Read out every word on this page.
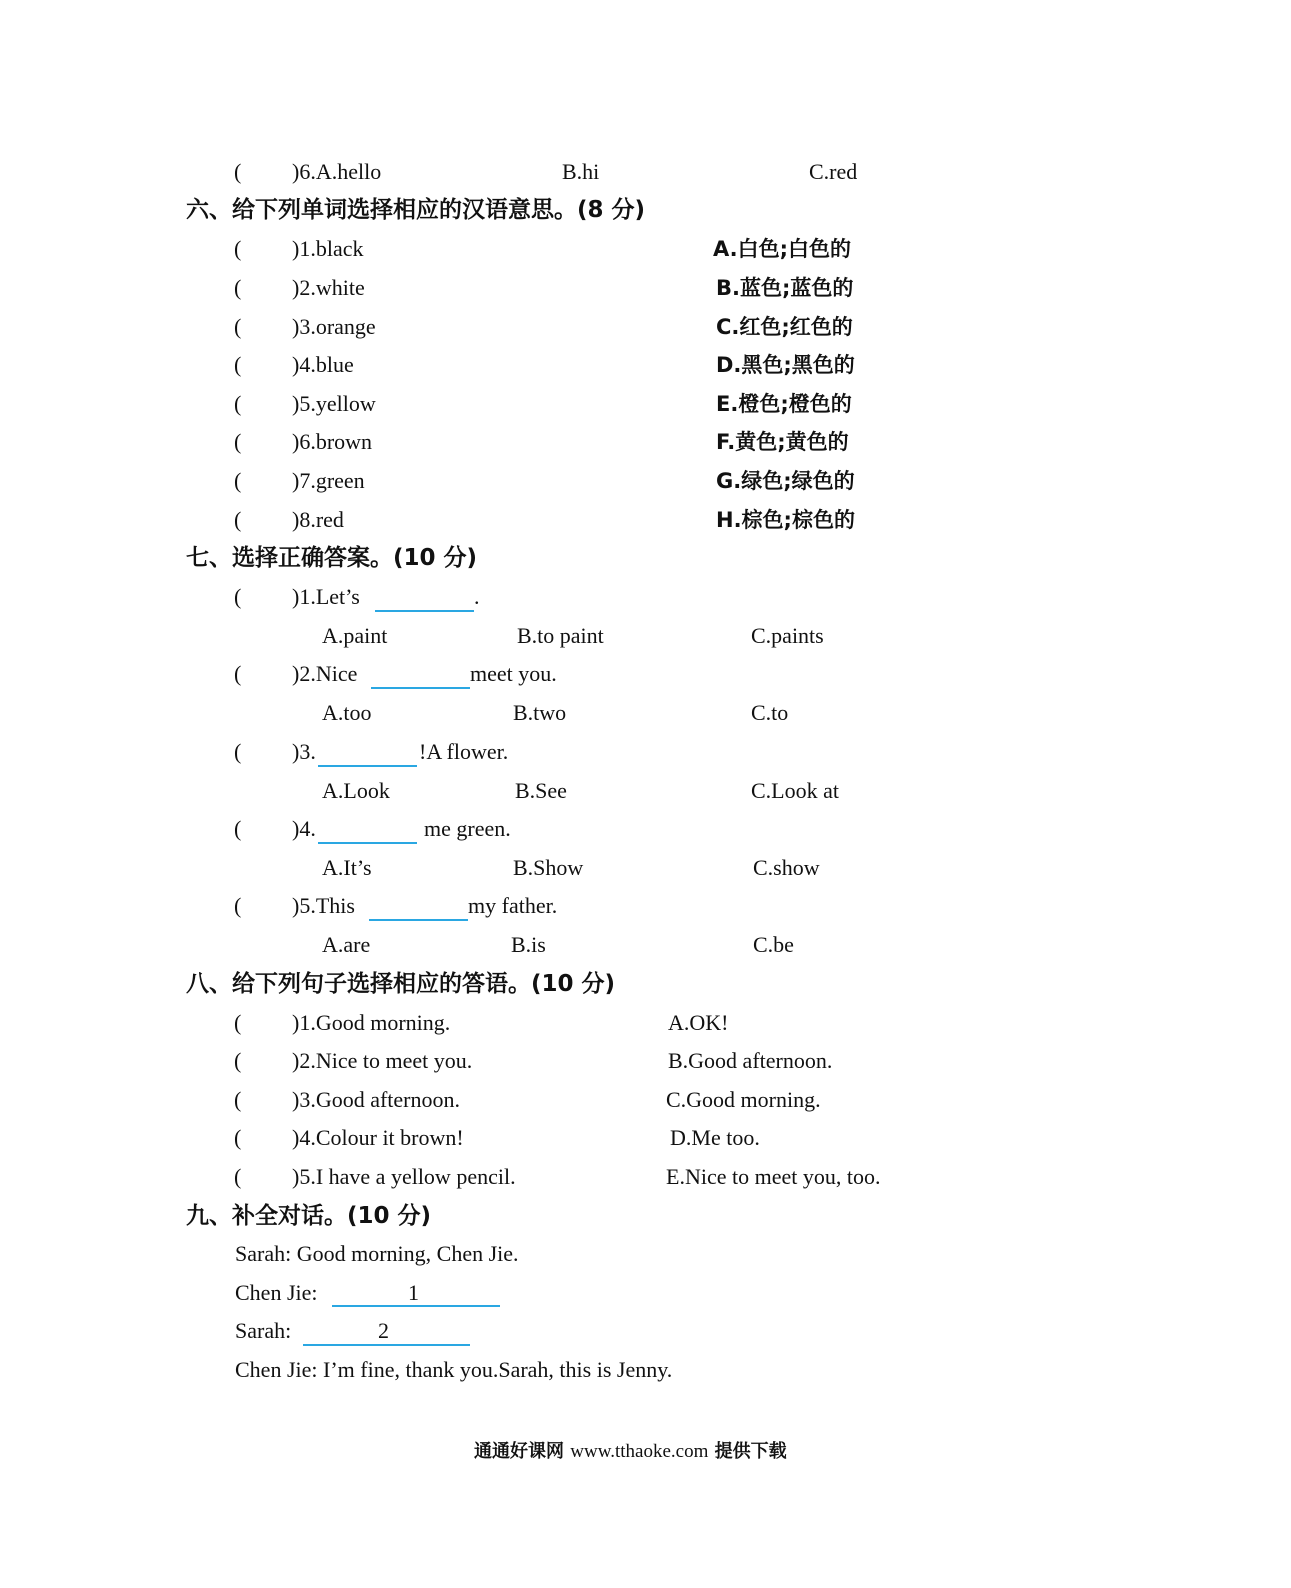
( )6.A.hello	B.hi	C.red
六、给下列单词选择相应的汉语意思。(8 分)
( )1.black	A.白色;白色的
( )2.white	B.蓝色;蓝色的
( )3.orange	C.红色;红色的
( )4.blue	D.黑色;黑色的
( )5.yellow	E.橙色;橙色的
( )6.brown	F.黄色;黄色的
( )7.green	G.绿色;绿色的
( )8.red	H.棕色;棕色的
七、选择正确答案。(10 分)
( )1.Let’s	.
A.paint	B.to paint	C.paints
( )2.Nice	meet you.
A.too	B.two	C.to
( )3.	!A flower.
A.Look	B.See	C.Look at
( )4.	me green.
A.It’s	B.Show	C.show
( )5.This	my father.
A.are	B.is	C.be
八、给下列句子选择相应的答语。(10 分)
( )1.Good morning.	A.OK!
( )2.Nice to meet you.	B.Good afternoon.
( )3.Good afternoon.	C.Good morning.
( )4.Colour it brown!	D.Me too.
( )5.I have a yellow pencil.	E.Nice to meet you, too.
九、补全对话。(10 分)
Sarah: Good morning, Chen Jie.
Chen Jie:	1
Sarah:	2
Chen Jie: I’m fine, thank you.Sarah, this is Jenny.
通通好课网 www.tthaoke.com 提供下载
